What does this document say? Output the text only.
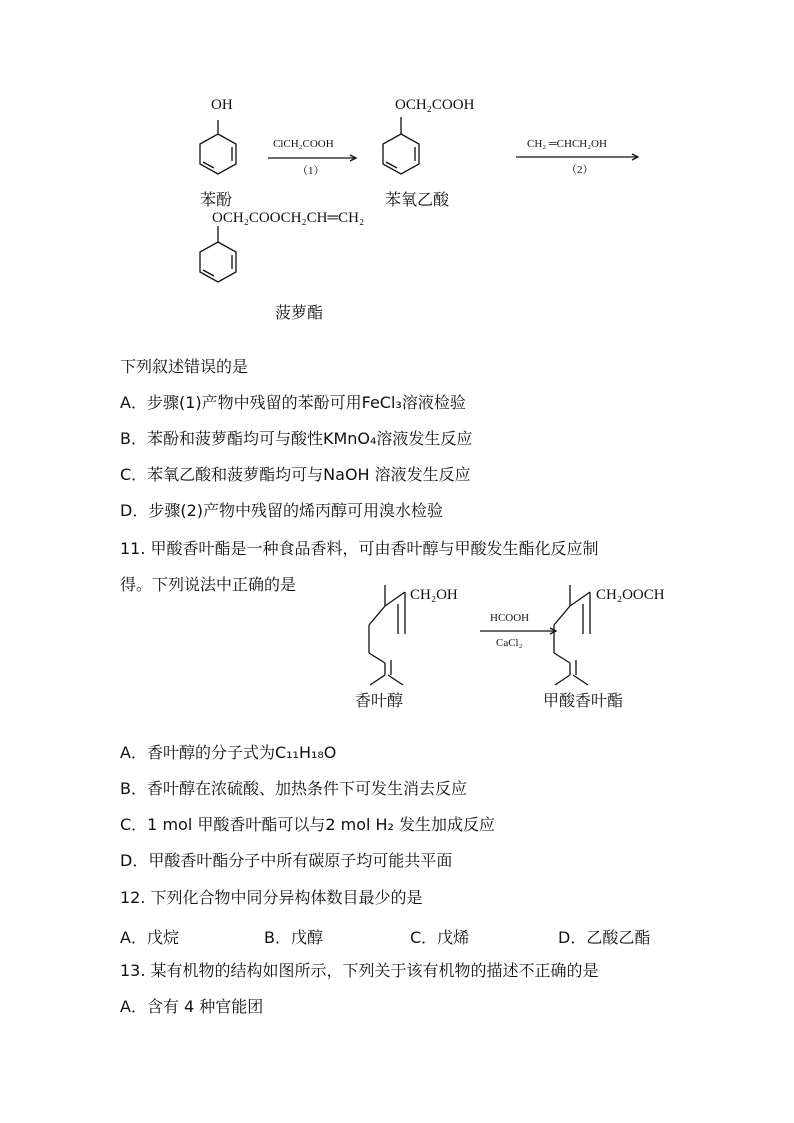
OH
苯酚
ClCH₂COOH
（1）
OCH₂COOH
苯氧乙酸
CH₂ ═CHCH₂OH
（2）
OCH₂COOCH₂CH═CH₂
菠萝酯
下列叙述错误的是
A．步骤(1)产物中残留的苯酚可用FeCl₃溶液检验
B．苯酚和菠萝酯均可与酸性KMnO₄溶液发生反应
C．苯氧乙酸和菠萝酯均可与NaOH 溶液发生反应
D．步骤(2)产物中残留的烯丙醇可用溴水检验
11. 甲酸香叶酯是一种食品香料，可由香叶醇与甲酸发生酯化反应制
得。下列说法中正确的是
CH₂OH
HCOOH
CaCl₂
CH₂OOCH
香叶醇	甲酸香叶酯
A．香叶醇的分子式为C₁₁H₁₈O
B．香叶醇在浓硫酸、加热条件下可发生消去反应
C．1 mol 甲酸香叶酯可以与2 mol H₂ 发生加成反应
D．甲酸香叶酯分子中所有碳原子均可能共平面
12. 下列化合物中同分异构体数目最少的是
A．戊烷	B．戊醇	C．戊烯	D．乙酸乙酯
13. 某有机物的结构如图所示，下列关于该有机物的描述不正确的是
A．含有 4 种官能团
